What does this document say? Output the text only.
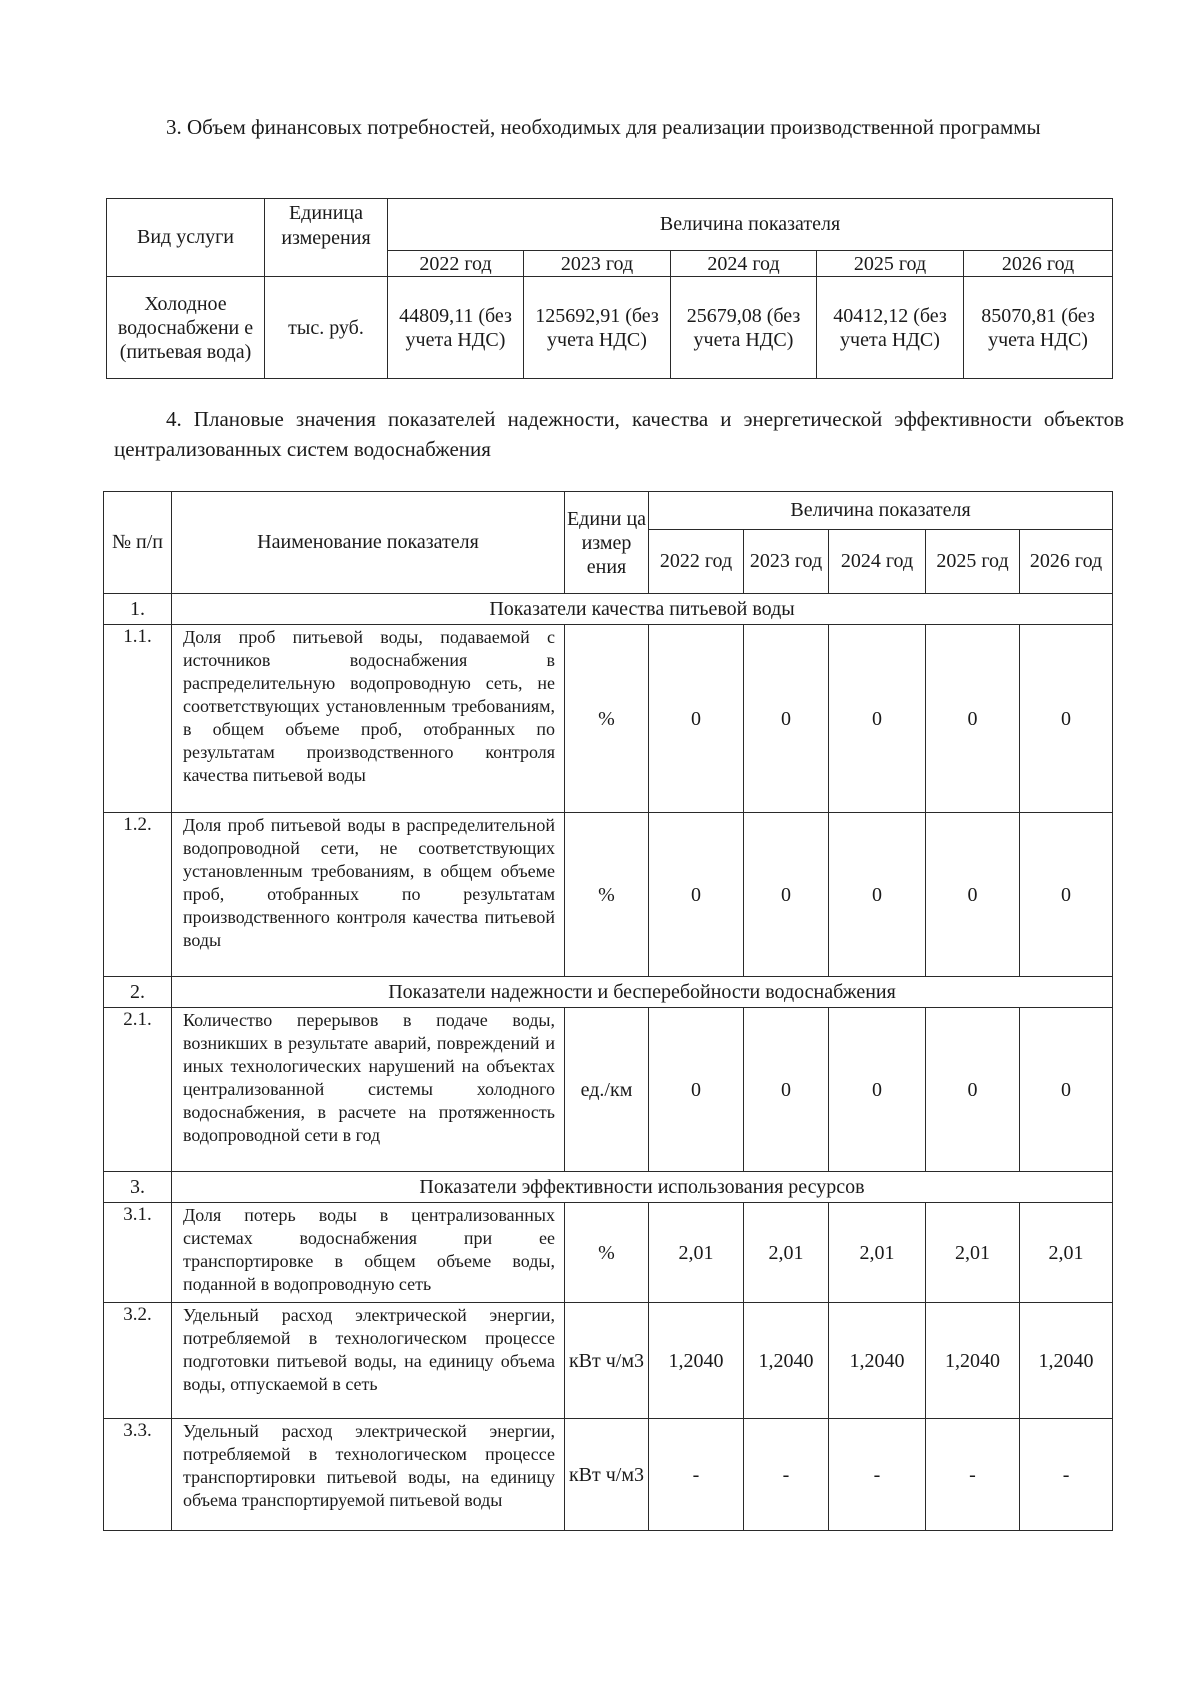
3. Объем финансовых потребностей, необходимых для реализации производственной программы

Вид услуги	Единица измерения	Величина показателя				
		2022 год	2023 год	2024 год	2025 год	2026 год
Холодное водоснабжени е (питьевая вода)	тыс. руб.	44809,11 (без учета НДС)	125692,91 (без учета НДС)	25679,08 (без учета НДС)	40412,12 (без учета НДС)	85070,81 (без учета НДС)

4. Плановые значения показателей надежности, качества и энергетической эффективности объектов централизованных систем водоснабжения

№ п/п	Наименование показателя	Едини ца измер ения	Величина показателя				
			2022 год	2023 год	2024 год	2025 год	2026 год
1.	Показатели качества питьевой воды						
1.1.	Доля проб питьевой воды, подаваемой с источников водоснабжения в распределительную водопроводную сеть, не соответствующих установленным требованиям, в общем объеме проб, отобранных по результатам производственного контроля качества питьевой воды	%	0	0	0	0	0
1.2.	Доля проб питьевой воды в распределительной водопроводной сети, не соответствующих установленным требованиям, в общем объеме проб, отобранных по результатам производственного контроля качества питьевой воды	%	0	0	0	0	0
2.	Показатели надежности и бесперебойности водоснабжения						
2.1.	Количество перерывов в подаче воды, возникших в результате аварий, повреждений и иных технологических нарушений на объектах централизованной системы холодного водоснабжения, в расчете на протяженность водопроводной сети в год	ед./км	0	0	0	0	0
3.	Показатели эффективности использования ресурсов						
3.1.	Доля потерь воды в централизованных системах водоснабжения при ее транспортировке в общем объеме воды, поданной в водопроводную сеть	%	2,01	2,01	2,01	2,01	2,01
3.2.	Удельный расход электрической энергии, потребляемой в технологическом процессе подготовки питьевой воды, на единицу объема воды, отпускаемой в сеть	кВт ч/м3	1,2040	1,2040	1,2040	1,2040	1,2040
3.3.	Удельный расход электрической энергии, потребляемой в технологическом процессе транспортировки питьевой воды, на единицу объема транспортируемой питьевой воды	кВт ч/м3	-	-	-	-	-
